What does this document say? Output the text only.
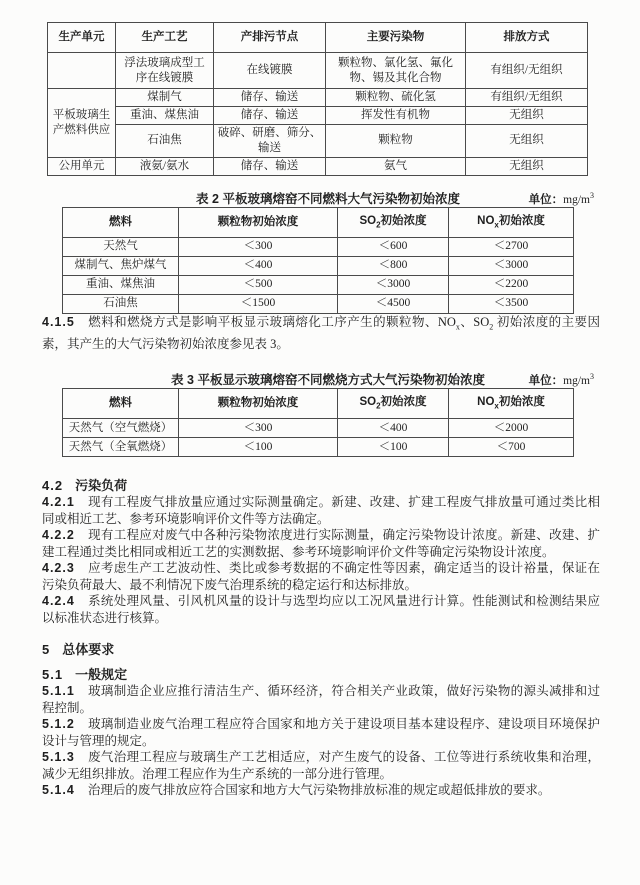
生产单元	生产工艺	产排污节点	主要污染物	排放方式
	浮法玻璃成型工序在线镀膜	在线镀膜	颗粒物、氯化氢、氟化物、锡及其化合物	有组织/无组织
平板玻璃生产燃料供应	煤制气	储存、输送	颗粒物、硫化氢	有组织/无组织
	重油、煤焦油	储存、输送	挥发性有机物	无组织
	石油焦	破碎、研磨、筛分、输送	颗粒物	无组织
公用单元	液氨/氨水	储存、输送	氨气	无组织
表 2 平板玻璃熔窑不同燃料大气污染物初始浓度	单位：$mg/m^3$
燃料	颗粒物初始浓度	$SO_2$初始浓度	$NO_x$初始浓度
天然气	＜300	＜600	＜2700
煤制气、焦炉煤气	＜400	＜800	＜3000
重油、煤焦油	＜500	＜3000	＜2200
石油焦	＜1500	＜4500	＜3500

4.1.5 燃料和燃烧方式是影响平板显示玻璃熔化工序产生的颗粒物、$NO_x$、$SO_2$ 初始浓度的主要因素，其产生的大气污染物初始浓度参见表 3。

表 3 平板显示玻璃熔窑不同燃烧方式大气污染物初始浓度	单位：$mg/m^3$
燃料	颗粒物初始浓度	$SO_2$初始浓度	$NO_x$初始浓度
天然气（空气燃烧）	＜300	＜400	＜2000
天然气（全氧燃烧）	＜100	＜100	＜700

4.2 污染负荷

4.2.1 现有工程废气排放量应通过实际测量确定。新建、改建、扩建工程废气排放量可通过类比相同或相近工艺、参考环境影响评价文件等方法确定。

4.2.2 现有工程应对废气中各种污染物浓度进行实际测量，确定污染物设计浓度。新建、改建、扩建工程通过类比相同或相近工艺的实测数据、参考环境影响评价文件等确定污染物设计浓度。

4.2.3 应考虑生产工艺波动性、类比或参考数据的不确定性等因素，确定适当的设计裕量，保证在污染负荷最大、最不利情况下废气治理系统的稳定运行和达标排放。

4.2.4 系统处理风量、引风机风量的设计与选型均应以工况风量进行计算。性能测试和检测结果应以标准状态进行核算。

5 总体要求

5.1 一般规定

5.1.1 玻璃制造企业应推行清洁生产、循环经济，符合相关产业政策，做好污染物的源头减排和过程控制。

5.1.2 玻璃制造业废气治理工程应符合国家和地方关于建设项目基本建设程序、建设项目环境保护设计与管理的规定。

5.1.3 废气治理工程应与玻璃生产工艺相适应，对产生废气的设备、工位等进行系统收集和治理，减少无组织排放。治理工程应作为生产系统的一部分进行管理。

5.1.4 治理后的废气排放应符合国家和地方大气污染物排放标准的规定或超低排放的要求。
